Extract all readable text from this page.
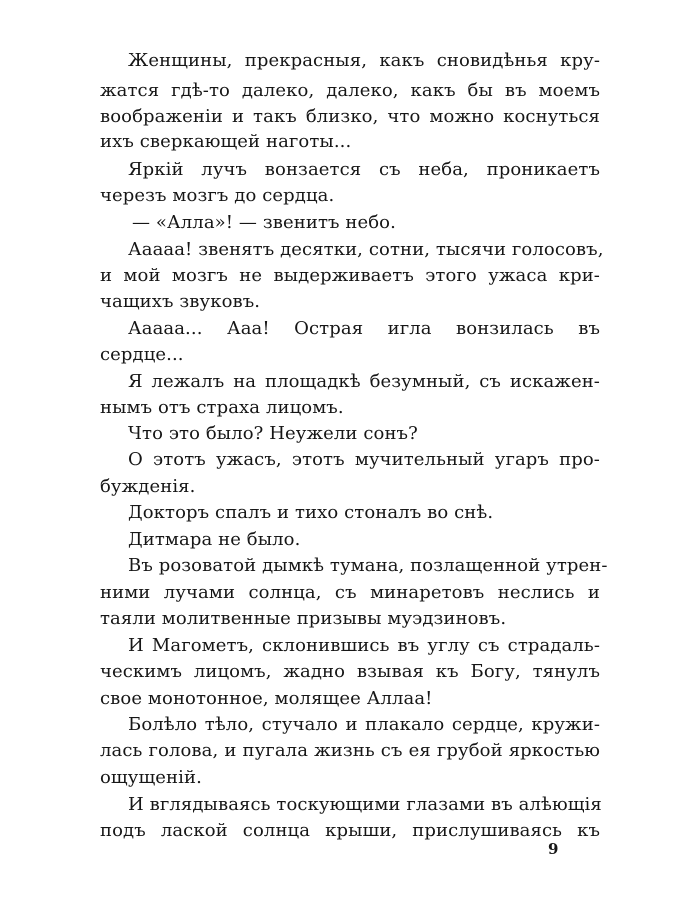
Женщины, прекрасныя, какъ сновидѣнья кру-
жатся гдѣ-то далеко, далеко, какъ бы въ моемъ
воображеніи и такъ близко, что можно коснуться
ихъ сверкающей наготы...
Яркій лучъ вонзается съ неба, проникаетъ
черезъ мозгъ до сердца.
— «Алла»! — звенитъ небо.
Ааааа! звенятъ десятки, сотни, тысячи голосовъ,
и мой мозгъ не выдерживаетъ этого ужаса кри-
чащихъ звуковъ.
Ааааа... Ааа! Острая игла вонзилась въ
сердце...
Я лежалъ на площадкѣ безумный, съ искажен-
нымъ отъ страха лицомъ.
Что это было? Неужели сонъ?
О этотъ ужасъ, этотъ мучительный угаръ про-
бужденія.
Докторъ спалъ и тихо стоналъ во снѣ.
Дитмара не было.
Въ розоватой дымкѣ тумана, позлащенной утрен-
ними лучами солнца, съ минаретовъ неслись и
таяли молитвенные призывы муэдзиновъ.
И Магометъ, склонившись въ углу съ страдаль-
ческимъ лицомъ, жадно взывая къ Богу, тянулъ
свое монотонное, молящее Аллаа!
Болѣло тѣло, стучало и плакало сердце, кружи-
лась голова, и пугала жизнь съ ея грубой яркостью
ощущеній.
И вглядываясь тоскующими глазами въ алѣющія
подъ лаской солнца крыши, прислушиваясь къ
9
